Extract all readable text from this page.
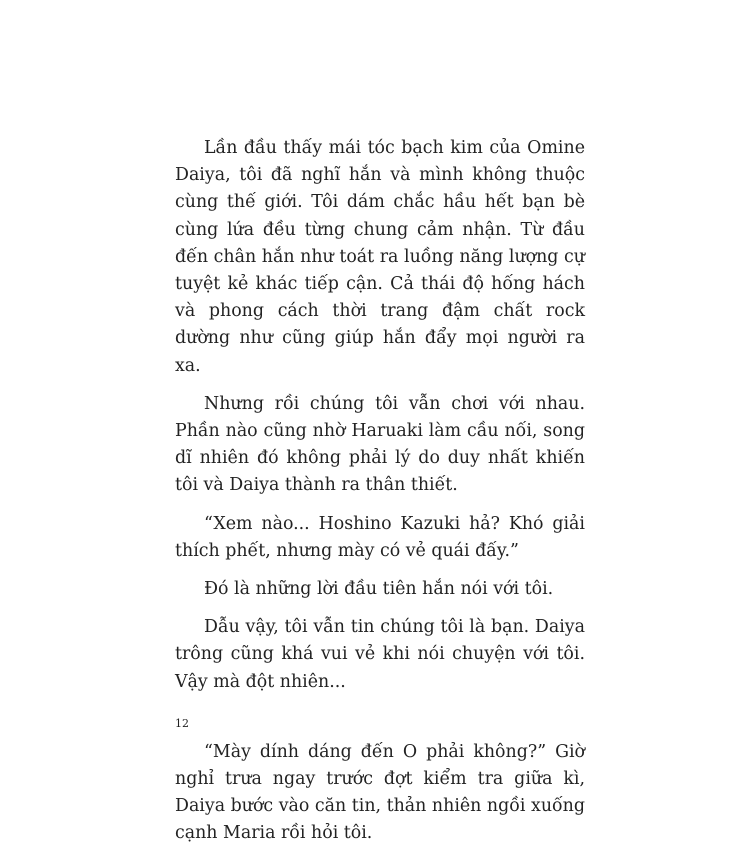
Lần đầu thấy mái tóc bạch kim của Omine Daiya, tôi đã nghĩ hắn và mình không thuộc cùng thế giới. Tôi dám chắc hầu hết bạn bè cùng lứa đều từng chung cảm nhận. Từ đầu đến chân hắn như toát ra luồng năng lượng cự tuyệt kẻ khác tiếp cận. Cả thái độ hống hách và phong cách thời trang đậm chất rock dường như cũng giúp hắn đẩy mọi người ra xa.

Nhưng rồi chúng tôi vẫn chơi với nhau. Phần nào cũng nhờ Haruaki làm cầu nối, song dĩ nhiên đó không phải lý do duy nhất khiến tôi và Daiya thành ra thân thiết.

“Xem nào... Hoshino Kazuki hả? Khó giải thích phết, nhưng mày có vẻ quái đấy.”

Đó là những lời đầu tiên hắn nói với tôi.

Dẫu vậy, tôi vẫn tin chúng tôi là bạn. Daiya trông cũng khá vui vẻ khi nói chuyện với tôi. Vậy mà đột nhiên...

“Mày dính dáng đến O phải không?” Giờ nghỉ trưa ngay trước đợt kiểm tra giữa kì, Daiya bước vào căn tin, thản nhiên ngồi xuống cạnh Maria rồi hỏi tôi.

12
